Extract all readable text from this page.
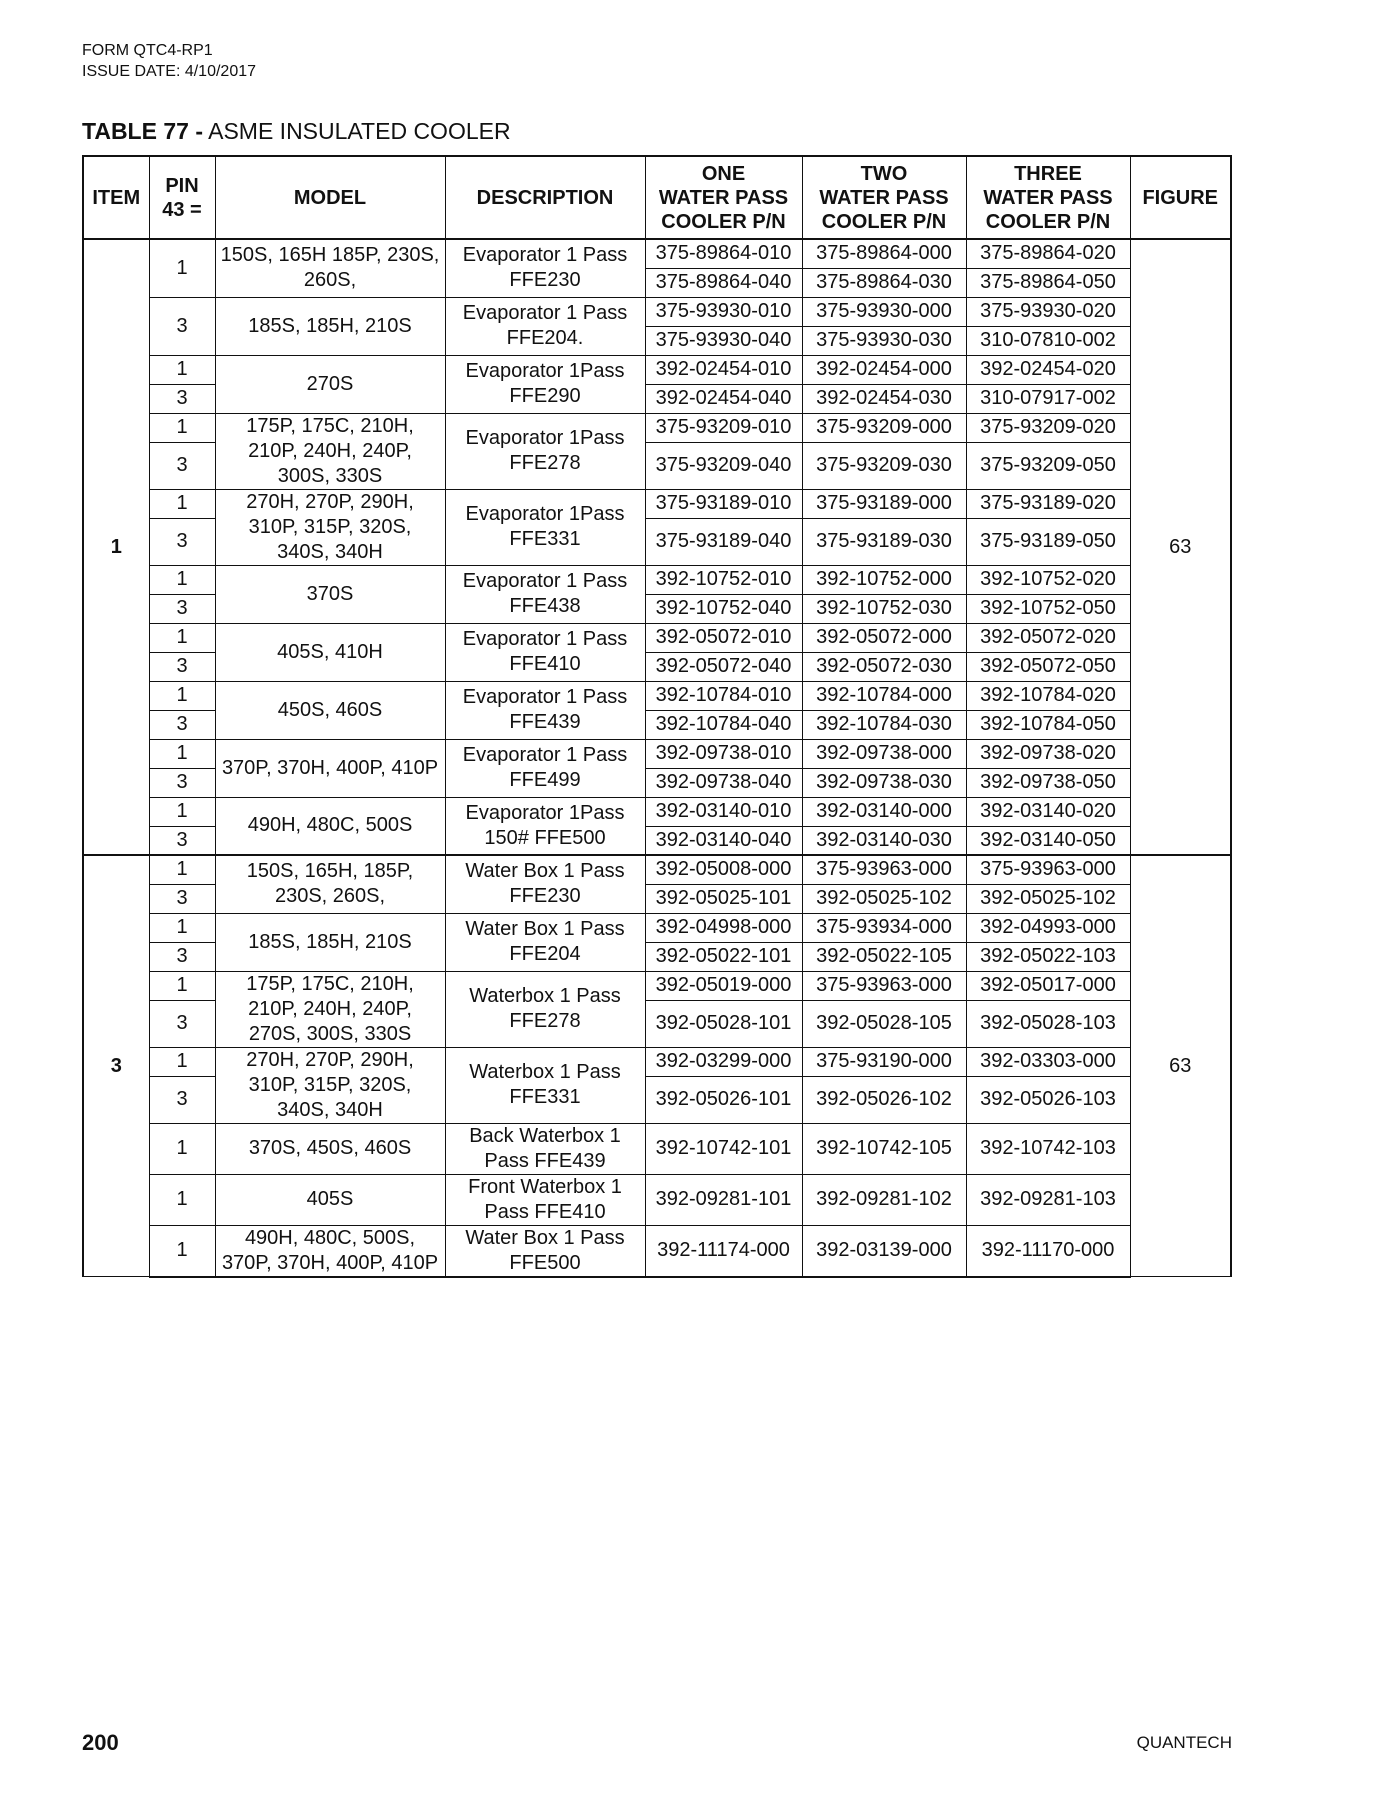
FORM QTC4-RP1
ISSUE DATE: 4/10/2017
TABLE 77 - ASME INSULATED COOLER
ITEM	PIN
43 =	MODEL	DESCRIPTION	ONE
WATER PASS
COOLER P/N	TWO
WATER PASS
COOLER P/N	THREE
WATER PASS
COOLER P/N	FIGURE
1	1	150S, 165H 185P, 230S,
260S,	Evaporator 1 Pass
FFE230	375-89864-010	375-89864-000	375-89864-020	63
				375-89864-040	375-89864-030	375-89864-050	
	3	185S, 185H, 210S	Evaporator 1 Pass
FFE204.	375-93930-010	375-93930-000	375-93930-020	
				375-93930-040	375-93930-030	310-07810-002	
	1	270S	Evaporator 1Pass
FFE290	392-02454-010	392-02454-000	392-02454-020	
	3			392-02454-040	392-02454-030	310-07917-002	
	1	175P, 175C, 210H,
210P, 240H, 240P,
300S, 330S	Evaporator 1Pass
FFE278	375-93209-010	375-93209-000	375-93209-020	
	3			375-93209-040	375-93209-030	375-93209-050	
	1	270H, 270P, 290H,
310P, 315P, 320S,
340S, 340H	Evaporator 1Pass
FFE331	375-93189-010	375-93189-000	375-93189-020	
	3			375-93189-040	375-93189-030	375-93189-050	
	1	370S	Evaporator 1 Pass
FFE438	392-10752-010	392-10752-000	392-10752-020	
	3			392-10752-040	392-10752-030	392-10752-050	
	1	405S, 410H	Evaporator 1 Pass
FFE410	392-05072-010	392-05072-000	392-05072-020	
	3			392-05072-040	392-05072-030	392-05072-050	
	1	450S, 460S	Evaporator 1 Pass
FFE439	392-10784-010	392-10784-000	392-10784-020	
	3			392-10784-040	392-10784-030	392-10784-050	
	1	370P, 370H, 400P, 410P	Evaporator 1 Pass
FFE499	392-09738-010	392-09738-000	392-09738-020	
	3			392-09738-040	392-09738-030	392-09738-050	
	1	490H, 480C, 500S	Evaporator 1Pass
150# FFE500	392-03140-010	392-03140-000	392-03140-020	
	3			392-03140-040	392-03140-030	392-03140-050	
3	1	150S, 165H, 185P,
230S, 260S,	Water Box 1 Pass
FFE230	392-05008-000	375-93963-000	375-93963-000	63
	3			392-05025-101	392-05025-102	392-05025-102	
	1	185S, 185H, 210S	Water Box 1 Pass
FFE204	392-04998-000	375-93934-000	392-04993-000	
	3			392-05022-101	392-05022-105	392-05022-103	
	1	175P, 175C, 210H,
210P, 240H, 240P,
270S, 300S, 330S	Waterbox 1 Pass
FFE278	392-05019-000	375-93963-000	392-05017-000	
	3			392-05028-101	392-05028-105	392-05028-103	
	1	270H, 270P, 290H,
310P, 315P, 320S,
340S, 340H	Waterbox 1 Pass
FFE331	392-03299-000	375-93190-000	392-03303-000	
	3			392-05026-101	392-05026-102	392-05026-103	
	1	370S, 450S, 460S	Back Waterbox 1
Pass FFE439	392-10742-101	392-10742-105	392-10742-103	
	1	405S	Front Waterbox 1
Pass FFE410	392-09281-101	392-09281-102	392-09281-103	
	1	490H, 480C, 500S,
370P, 370H, 400P, 410P	Water Box 1 Pass
FFE500	392-11174-000	392-03139-000	392-11170-000	
200	QUANTECH
